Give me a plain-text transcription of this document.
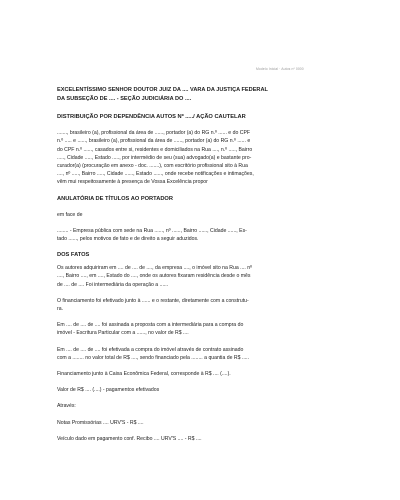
Modelo Inicial · Autos nº 0000
EXCELENTÍSSIMO SENHOR DOUTOR JUIZ DA .... VARA DA JUSTIÇA FEDERAL
DA SUBSEÇÃO DE .... - SEÇÃO JUDICIÁRIA DO ....
DISTRIBUIÇÃO POR DEPENDÊNCIA AUTOS Nº ...../ AÇÃO CAUTELAR
......., brasileiro (a), profissional da área de ......, portador (a) do RG n.º ...... e do CPF
n.º ..... e ......, brasileiro (a), profissional da área de ......, portador (a) do RG n.º ...... e
do CPF n.º ......, casados entre si, residentes e domiciliados na Rua ...., n.º ....., Bairro
....., Cidade ....., Estado ....., por intermédio de seu (sua) advogado(a) e bastante pro-
curador(a) (procuração em anexo - doc. .......), com escritório profissional sito à Rua
...., nº ....., Bairro ....., Cidade ......, Estado ......, onde recebe notificações e intimações,
vêm mui respeitosamente à presença de Vossa Excelência propor
ANULATÓRIA DE TÍTULOS AO PORTADOR
em face de
........ - Empresa pública com sede na Rua ......, nº ......, Bairro ......, Cidade ......, Es-
tado ......, pelos motivos de fato e de direito a seguir aduzidos.
DOS FATOS
Os autores adquiriram em .... de .... de ...., da empresa ...., o imóvel sito na Rua .... nº
...., Bairro ...., em ...., Estado do ...., onde os autores fixaram residência desde o mês
de .... de .... Foi intermediária da operação a ......
O financiamento foi efetivado junto à ...... e o restante, diretamente com a construtu-
ra.
Em .... de .... de .... foi assinada a proposta com a intermediária para a compra do
imóvel - Escritura Particular com a ......, no valor de R$ ....
Em .... de .... de .... foi efetivada a compra do imóvel através de contrato assinado
com a ........ no valor total de R$ ...., sendo financiado pela ........ a quantia de R$ .....
Financiamento junto à Caixa Econômica Federal, corresponde à R$ .... (....).
Valor de R$ .... (....) - pagamentos efetivados
Através:
Notas Promissórias .... URV'S - R$ ....
Veículo dado em pagamento conf. Recibo .... URV'S .... - R$ ....
